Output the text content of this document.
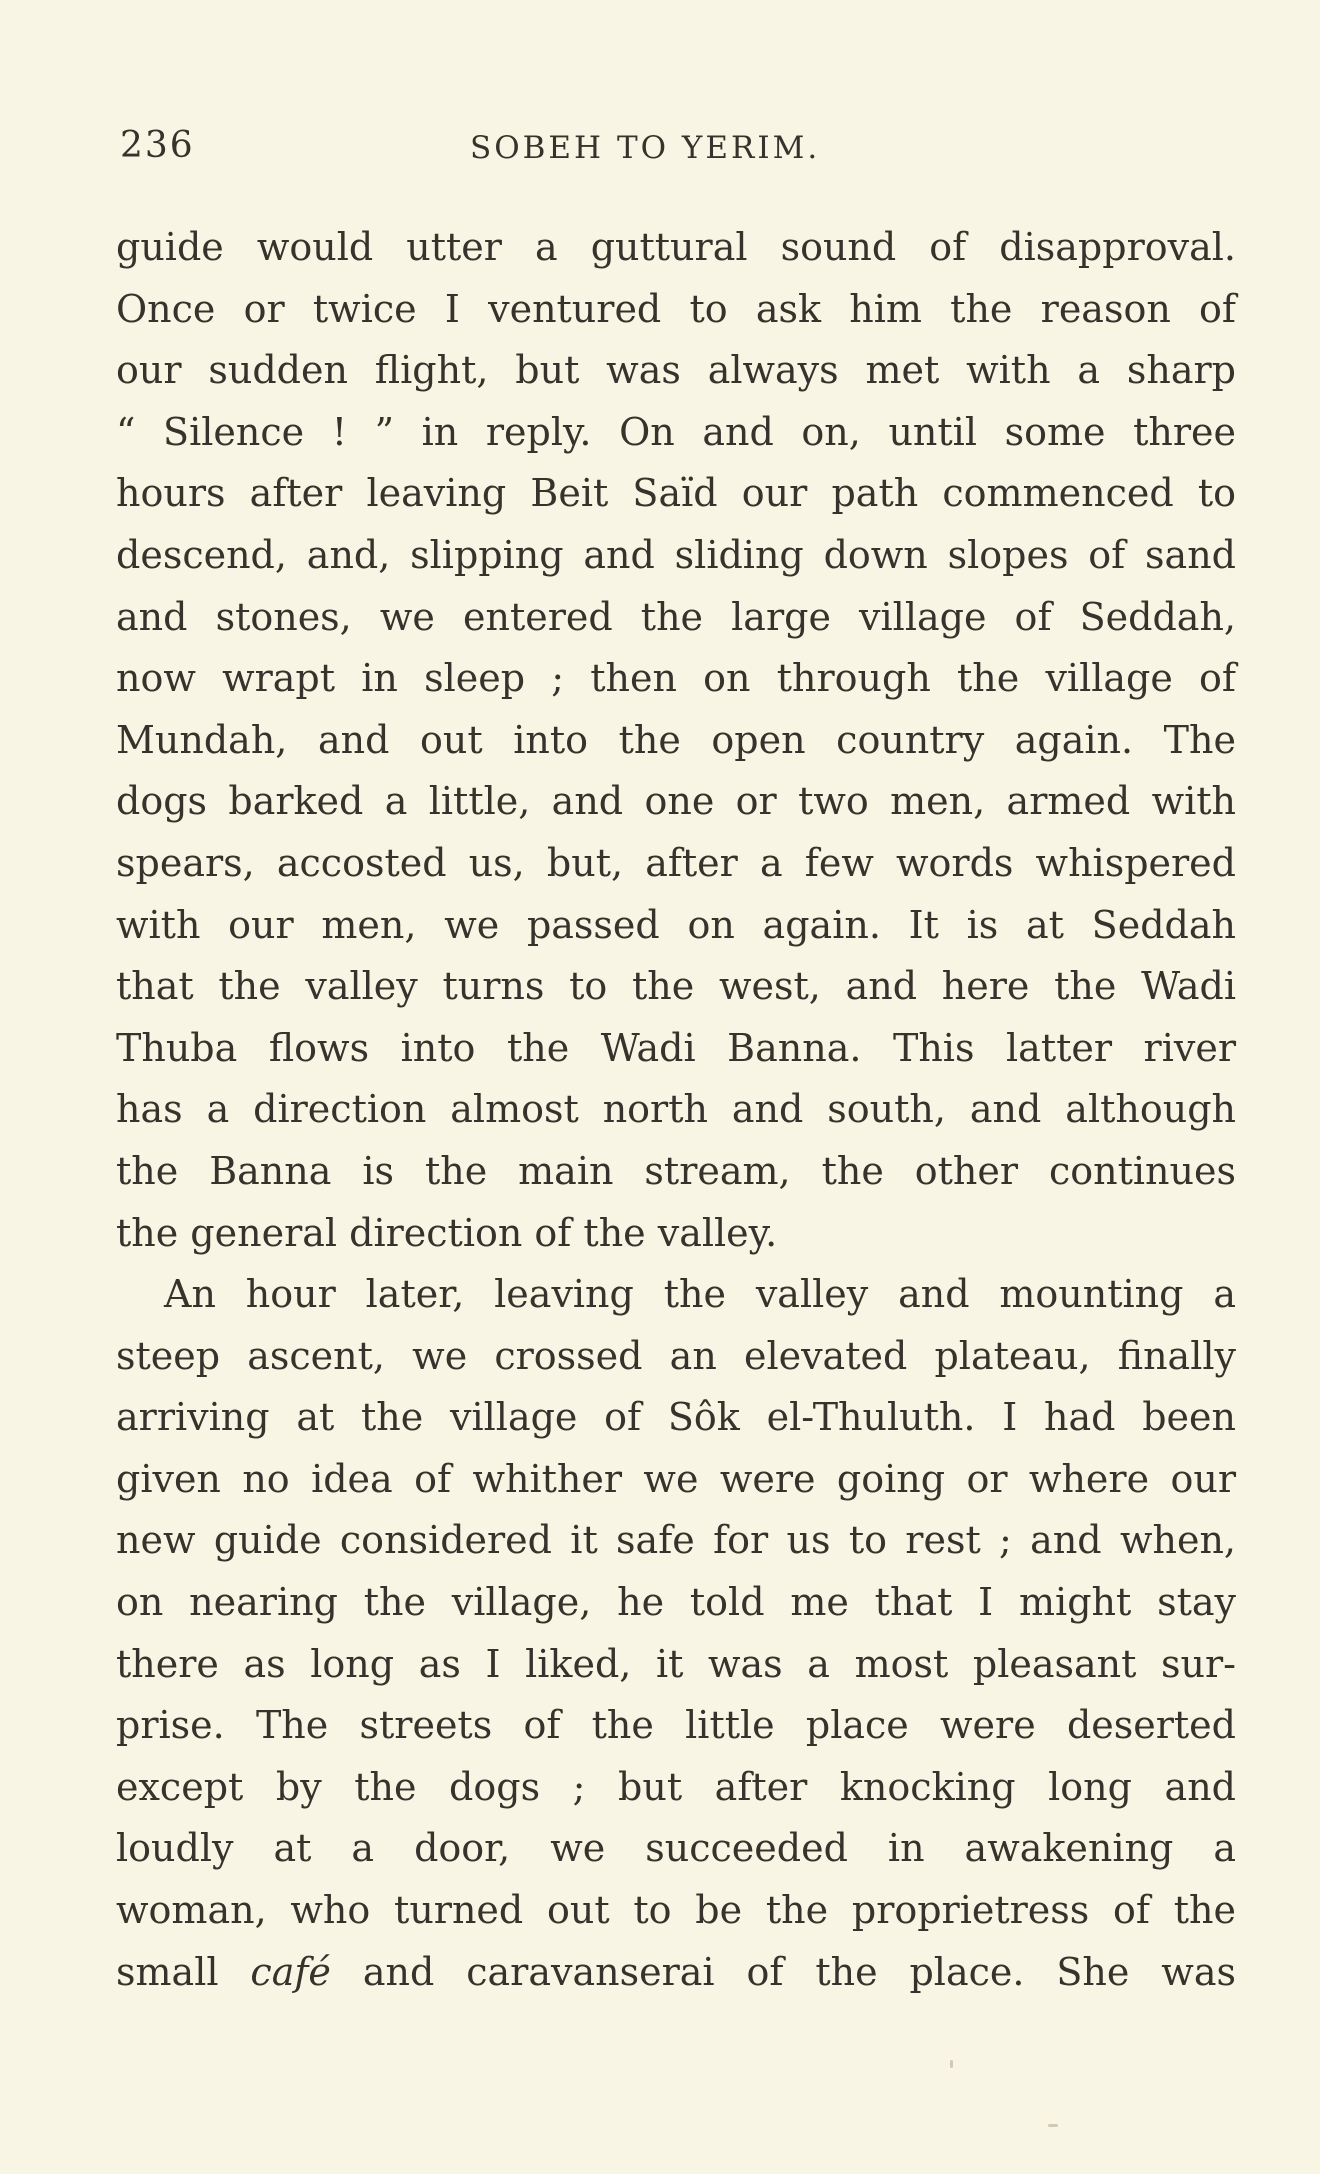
236	SOBEH TO YERIM.
guide would utter a guttural sound of disapproval.
Once or twice I ventured to ask him the reason of
our sudden flight, but was always met with a sharp
“ Silence ! ” in reply. On and on, until some three
hours after leaving Beit Saïd our path commenced to
descend, and, slipping and sliding down slopes of sand
and stones, we entered the large village of Seddah,
now wrapt in sleep ; then on through the village of
Mundah, and out into the open country again. The
dogs barked a little, and one or two men, armed with
spears, accosted us, but, after a few words whispered
with our men, we passed on again. It is at Seddah
that the valley turns to the west, and here the Wadi
Thuba flows into the Wadi Banna. This latter river
has a direction almost north and south, and although
the Banna is the main stream, the other continues
the general direction of the valley.
An hour later, leaving the valley and mounting a
steep ascent, we crossed an elevated plateau, finally
arriving at the village of Sôk el-Thuluth. I had been
given no idea of whither we were going or where our
new guide considered it safe for us to rest ; and when,
on nearing the village, he told me that I might stay
there as long as I liked, it was a most pleasant sur-
prise. The streets of the little place were deserted
except by the dogs ; but after knocking long and
loudly at a door, we succeeded in awakening a
woman, who turned out to be the proprietress of the
small café and caravanserai of the place. She was
